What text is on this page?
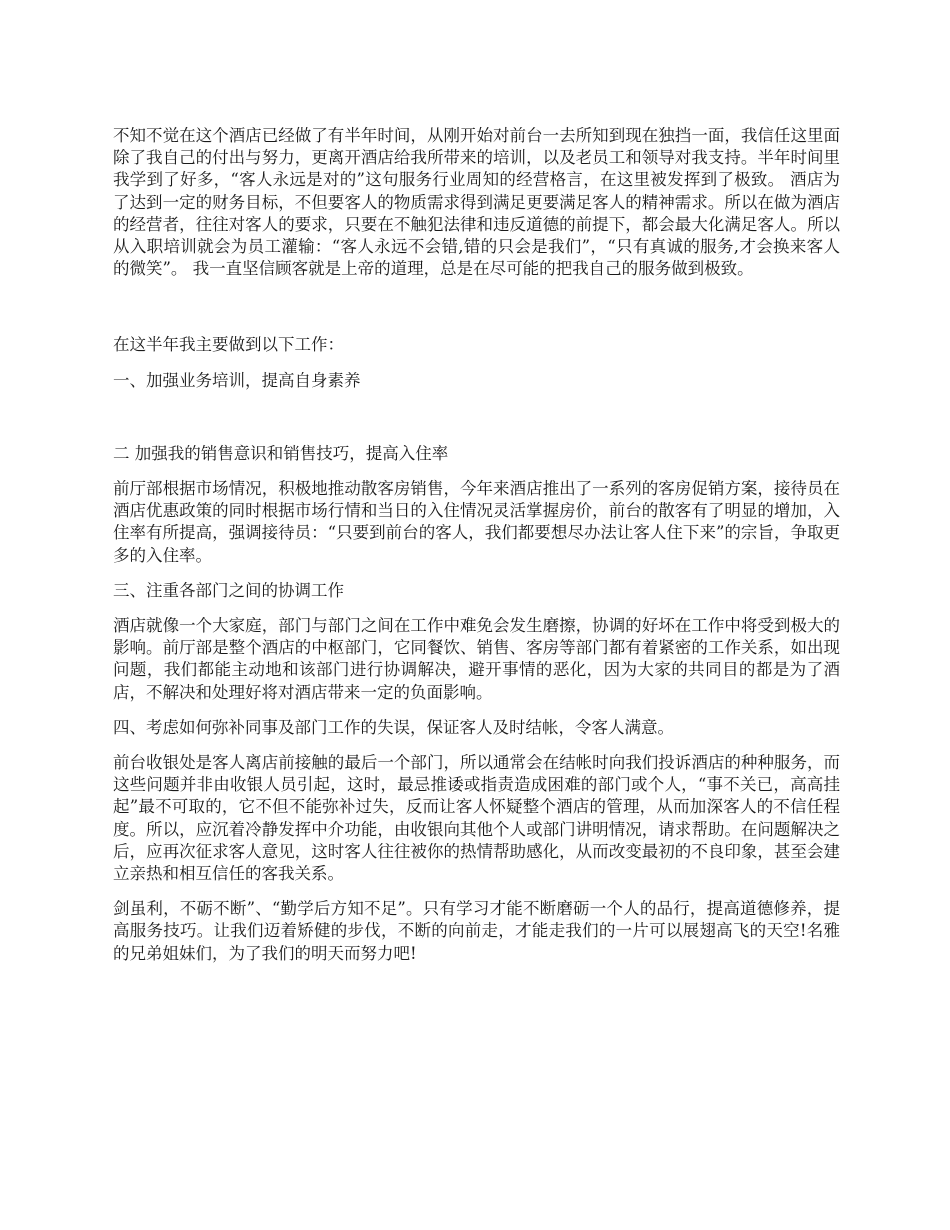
不知不觉在这个酒店已经做了有半年时间，从刚开始对前台一去所知到现在独挡一面，我信任这里面除了我自己的付出与努力，更离开酒店给我所带来的培训，以及老员工和领导对我支持。半年时间里我学到了好多，“客人永远是对的”这句服务行业周知的经营格言，在这里被发挥到了极致。 酒店为了达到一定的财务目标，不但要客人的物质需求得到满足更要满足客人的精神需求。所以在做为酒店的经营者，往往对客人的要求，只要在不触犯法律和违反道德的前提下，都会最大化满足客人。所以从入职培训就会为员工灌输：“客人永远不会错,错的只会是我们”，“只有真诚的服务,才会换来客人的微笑”。 我一直坚信顾客就是上帝的道理，总是在尽可能的把我自己的服务做到极致。

在这半年我主要做到以下工作：

一、加强业务培训，提高自身素养

二 加强我的销售意识和销售技巧，提高入住率

前厅部根据市场情况，积极地推动散客房销售，今年来酒店推出了一系列的客房促销方案，接待员在酒店优惠政策的同时根据市场行情和当日的入住情况灵活掌握房价，前台的散客有了明显的增加，入住率有所提高，强调接待员：“只要到前台的客人，我们都要想尽办法让客人住下来”的宗旨，争取更多的入住率。

三、注重各部门之间的协调工作

酒店就像一个大家庭，部门与部门之间在工作中难免会发生磨擦，协调的好坏在工作中将受到极大的影响。前厅部是整个酒店的中枢部门，它同餐饮、销售、客房等部门都有着紧密的工作关系，如出现问题，我们都能主动地和该部门进行协调解决，避开事情的恶化，因为大家的共同目的都是为了酒店，不解决和处理好将对酒店带来一定的负面影响。

四、考虑如何弥补同事及部门工作的失误，保证客人及时结帐，令客人满意。

前台收银处是客人离店前接触的最后一个部门，所以通常会在结帐时向我们投诉酒店的种种服务，而这些问题并非由收银人员引起，这时，最忌推诿或指责造成困难的部门或个人，“事不关已，高高挂起”最不可取的，它不但不能弥补过失，反而让客人怀疑整个酒店的管理，从而加深客人的不信任程度。所以，应沉着冷静发挥中介功能，由收银向其他个人或部门讲明情况，请求帮助。在问题解决之后，应再次征求客人意见，这时客人往往被你的热情帮助感化，从而改变最初的不良印象，甚至会建立亲热和相互信任的客我关系。

剑虽利，不砺不断”、“勤学后方知不足”。只有学习才能不断磨砺一个人的品行，提高道德修养，提高服务技巧。让我们迈着矫健的步伐，不断的向前走，才能走我们的一片可以展翅高飞的天空!名雅的兄弟姐妹们，为了我们的明天而努力吧!
